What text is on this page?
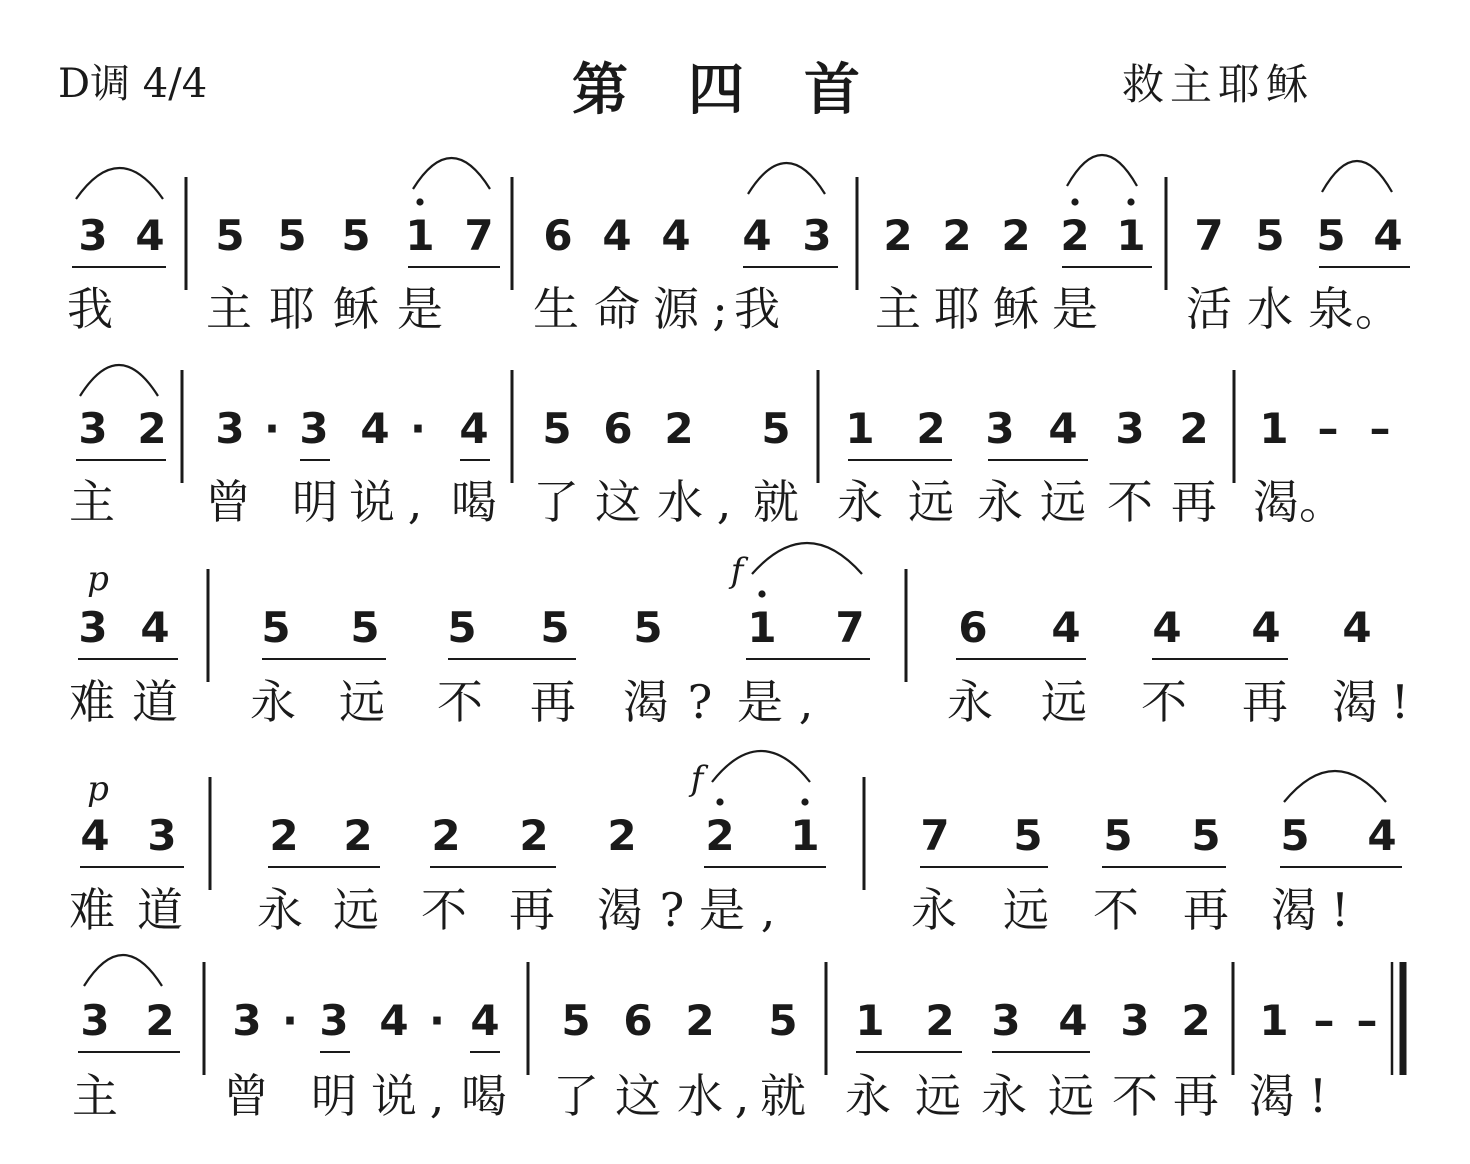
D调 4/4	第四首	救主耶稣
3 4 5 5 5 1 7 6 4 4 4 3 2 2 2 2 1 7 5 5 4
我 主 耶 稣 是 生 命 源 ; 我 主 耶 稣 是 活 水 泉 。
3 2 3 · 3 4 · 4 5 6 2 5 1 2 3 4 3 2 1 – –
主 曾 明 说 , 喝 了 这 水 , 就 永 远 永 远 不 再 渴 。
3 4 5 5 5 5 5 1 7 6 4 4 4 4
p	f
难 道 永 远 不 再 渴 ? 是 ,	永 远 不 再 渴 !
4 3 2 2 2 2 2 2 1 7 5 5 5 5 4
p	f
难 道 永 远 不 再 渴 ? 是 ,	永 远 不 再 渴 !
3 2 3 · 3 4 · 4 5 6 2 5 1 2 3 4 3 2 1 – –
主 曾 明 说 , 喝 了 这 水 , 就 永 远 永 远 不 再 渴 !
